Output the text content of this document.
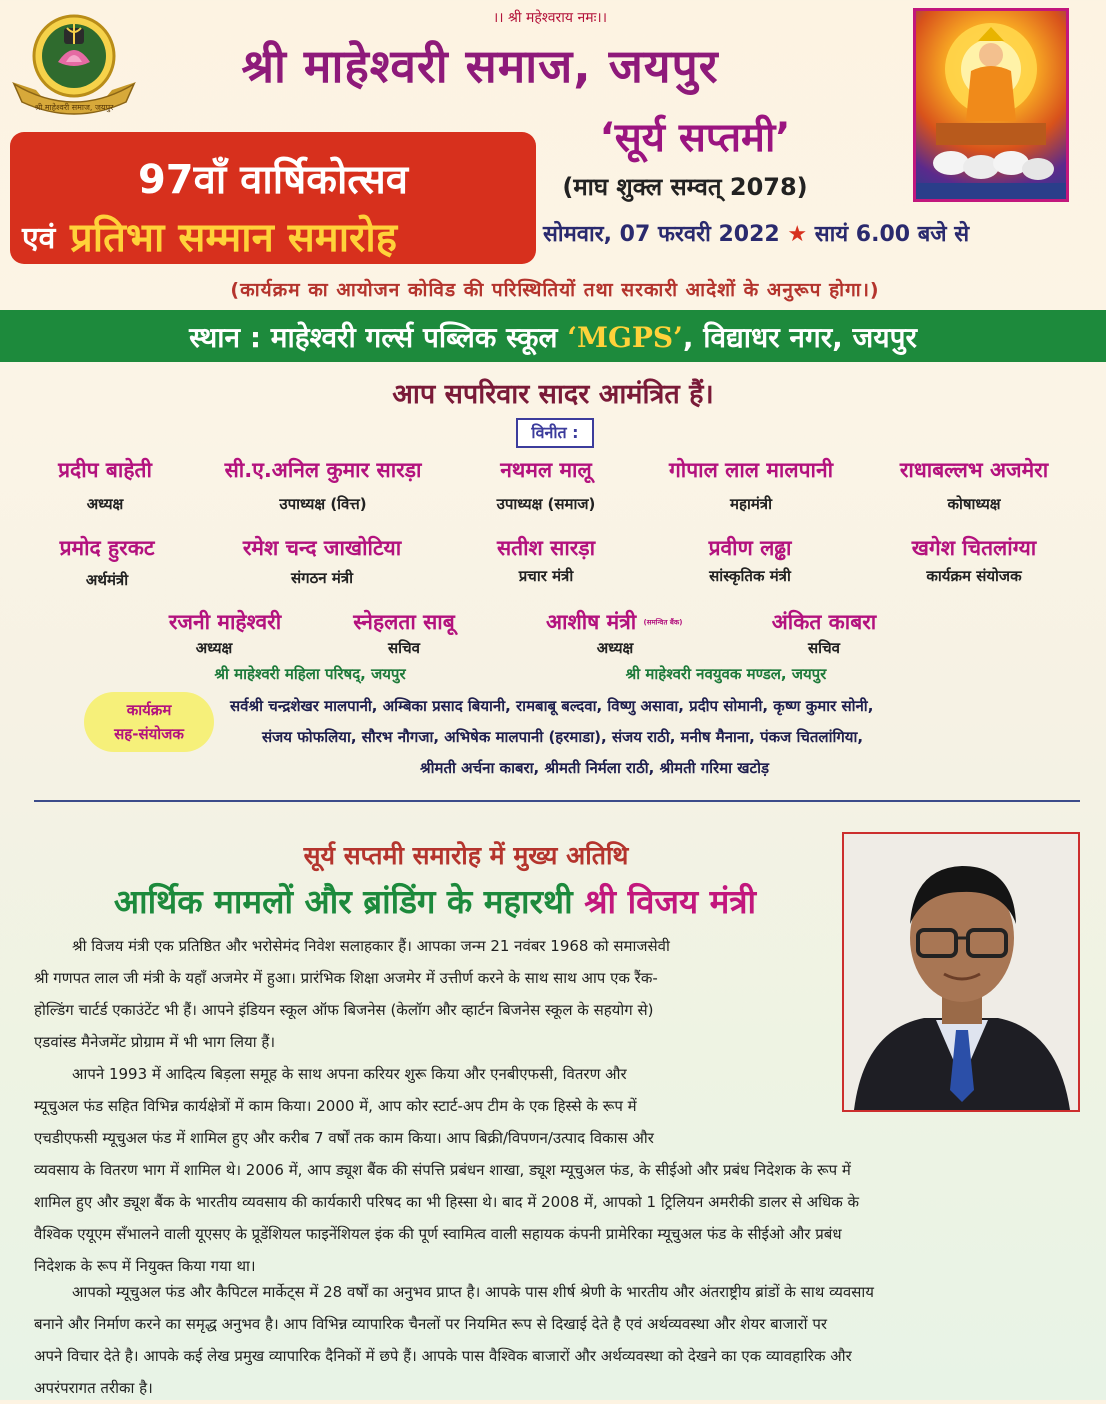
श्री माहेश्वरी समाज, जयपुर
।। श्री महेश्वराय नमः।।
श्री माहेश्वरी समाज, जयपुर
‘सूर्य सप्तमी’
(माघ शुक्ल सम्वत् 2078)
97वाँ वार्षिकोत्सव
एवं प्रतिभा सम्मान समारोह	सोमवार, 07 फरवरी 2022 ★ सायं 6.00 बजे से
(कार्यक्रम का आयोजन कोविड की परिस्थितियों तथा सरकारी आदेशों के अनुरूप होगा।)
स्थान : माहेश्वरी गर्ल्स पब्लिक स्कूल ‘MGPS’, विद्याधर नगर, जयपुर
आप सपरिवार सादर आमंत्रित हैं।
विनीत :
प्रदीप बाहेती
अध्यक्ष
सी.ए.अनिल कुमार सारड़ा
उपाध्यक्ष (वित्त)
नथमल मालू
उपाध्यक्ष (समाज)
गोपाल लाल मालपानी
महामंत्री
राधाबल्लभ अजमेरा
कोषाध्यक्ष
प्रमोद हुरकट
अर्थमंत्री
रमेश चन्द जाखोटिया
संगठन मंत्री
सतीश सारड़ा
प्रचार मंत्री
प्रवीण लढ्ढा
सांस्कृतिक मंत्री
खगेश चितलांग्या
कार्यक्रम संयोजक
रजनी माहेश्वरी
अध्यक्ष
स्नेहलता साबू
सचिव
आशीष मंत्री (समन्वित बैंक)
अध्यक्ष
अंकित काबरा
सचिव
श्री माहेश्वरी महिला परिषद्, जयपुर	श्री माहेश्वरी नवयुवक मण्डल, जयपुर
कार्यक्रम
सह-संयोजक
सर्वश्री चन्द्रशेखर मालपानी, अम्बिका प्रसाद बियानी, रामबाबू बल्दवा, विष्णु असावा, प्रदीप सोमानी, कृष्ण कुमार सोनी,
संजय फोफलिया, सौरभ नौगजा, अभिषेक मालपानी (हरमाडा), संजय राठी, मनीष मैनाना, पंकज चितलांगिया,
श्रीमती अर्चना काबरा, श्रीमती निर्मला राठी, श्रीमती गरिमा खटोड़
सूर्य सप्तमी समारोह में मुख्य अतिथि
आर्थिक मामलों और ब्रांडिंग के महारथी श्री विजय मंत्री
श्री विजय मंत्री एक प्रतिष्ठित और भरोसेमंद निवेश सलाहकार हैं। आपका जन्म 21 नवंबर 1968 को समाजसेवी
श्री गणपत लाल जी मंत्री के यहाँ अजमेर में हुआ। प्रारंभिक शिक्षा अजमेर में उत्तीर्ण करने के साथ साथ आप एक रैंक-
होल्डिंग चार्टर्ड एकाउंटेंट भी हैं। आपने इंडियन स्कूल ऑफ बिजनेस (केलॉग और व्हार्टन बिजनेस स्कूल के सहयोग से)
एडवांस्ड मैनेजमेंट प्रोग्राम में भी भाग लिया हैं।
आपने 1993 में आदित्य बिड़ला समूह के साथ अपना करियर शुरू किया और एनबीएफसी, वितरण और
म्यूचुअल फंड सहित विभिन्न कार्यक्षेत्रों में काम किया। 2000 में, आप कोर स्टार्ट-अप टीम के एक हिस्से के रूप में
एचडीएफसी म्यूचुअल फंड में शामिल हुए और करीब 7 वर्षों तक काम किया। आप बिक्री/विपणन/उत्पाद विकास और
व्यवसाय के वितरण भाग में शामिल थे। 2006 में, आप ड्यूश बैंक की संपत्ति प्रबंधन शाखा, ड्यूश म्यूचुअल फंड, के सीईओ और प्रबंध निदेशक के रूप में
शामिल हुए और ड्यूश बैंक के भारतीय व्यवसाय की कार्यकारी परिषद का भी हिस्सा थे। बाद में 2008 में, आपको 1 ट्रिलियन अमरीकी डालर से अधिक के
वैश्विक एयूएम सँभालने वाली यूएसए के प्रूडेंशियल फाइनेंशियल इंक की पूर्ण स्वामित्व वाली सहायक कंपनी प्रामेरिका म्यूचुअल फंड के सीईओ और प्रबंध
निदेशक के रूप में नियुक्त किया गया था।
आपको म्यूचुअल फंड और कैपिटल मार्केट्स में 28 वर्षों का अनुभव प्राप्त है। आपके पास शीर्ष श्रेणी के भारतीय और अंतराष्ट्रीय ब्रांडों के साथ व्यवसाय
बनाने और निर्माण करने का समृद्ध अनुभव है। आप विभिन्न व्यापारिक चैनलों पर नियमित रूप से दिखाई देते है एवं अर्थव्यवस्था और शेयर बाजारों पर
अपने विचार देते है। आपके कई लेख प्रमुख व्यापारिक दैनिकों में छपे हैं। आपके पास वैश्विक बाजारों और अर्थव्यवस्था को देखने का एक व्यावहारिक और
अपरंपरागत तरीका है।
